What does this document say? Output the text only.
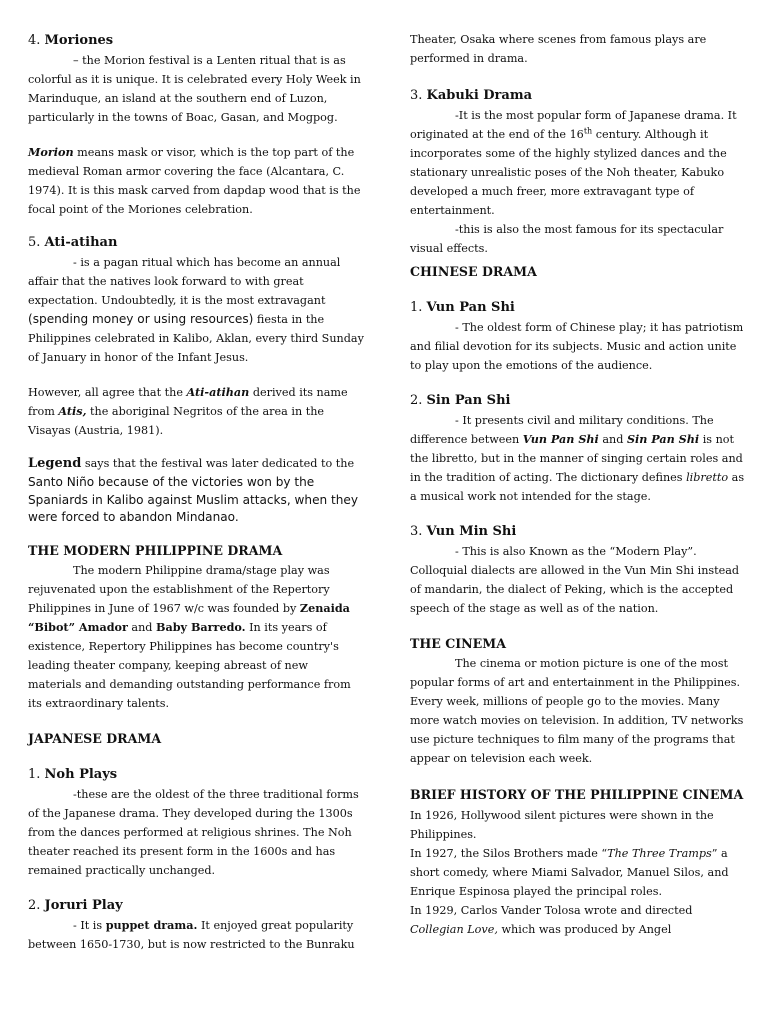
4. Moriones

– the Morion festival is a Lenten ritual that is as colorful as it is unique. It is celebrated every Holy Week in Marinduque, an island at the southern end of Luzon, particularly in the towns of Boac, Gasan, and Mogpog.

Morion means mask or visor, which is the top part of the medieval Roman armor covering the face (Alcantara, C. 1974). It is this mask carved from dapdap wood that is the focal point of the Moriones celebration.

5. Ati-atihan

- is a pagan ritual which has become an annual affair that the natives look forward to with great expectation. Undoubtedly, it is the most extravagant (spending money or using resources) fiesta in the Philippines celebrated in Kalibo, Aklan, every third Sunday of January in honor of the Infant Jesus.

However, all agree that the Ati-atihan derived its name from Atis, the aboriginal Negritos of the area in the Visayas (Austria, 1981).

Legend says that the festival was later dedicated to the Santo Niño because of the victories won by the Spaniards in Kalibo against Muslim attacks, when they were forced to abandon Mindanao.

THE MODERN PHILIPPINE DRAMA

The modern Philippine drama/stage play was rejuvenated upon the establishment of the Repertory Philippines in June of 1967 w/c was founded by Zenaida “Bibot” Amador and Baby Barredo. In its years of existence, Repertory Philippines has become country's leading theater company, keeping abreast of new materials and demanding outstanding performance from its extraordinary talents.

JAPANESE DRAMA

1. Noh Plays

-these are the oldest of the three traditional forms of the Japanese drama. They developed during the 1300s from the dances performed at religious shrines. The Noh theater reached its present form in the 1600s and has remained practically unchanged.

2. Joruri Play

- It is puppet drama. It enjoyed great popularity between 1650-1730, but is now restricted to the Bunraku

Theater, Osaka where scenes from famous plays are performed in drama.

3. Kabuki Drama

-It is the most popular form of Japanese drama. It originated at the end of the 16th century. Although it incorporates some of the highly stylized dances and the stationary unrealistic poses of the Noh theater, Kabuko developed a much freer, more extravagant type of entertainment.

-this is also the most famous for its spectacular visual effects.

CHINESE DRAMA

1. Vun Pan Shi

- The oldest form of Chinese play; it has patriotism and filial devotion for its subjects. Music and action unite to play upon the emotions of the audience.

2. Sin Pan Shi

- It presents civil and military conditions. The difference between Vun Pan Shi and Sin Pan Shi is not the libretto, but in the manner of singing certain roles and in the tradition of acting. The dictionary defines libretto as a musical work not intended for the stage.

3. Vun Min Shi

- This is also Known as the “Modern Play”. Colloquial dialects are allowed in the Vun Min Shi instead of mandarin, the dialect of Peking, which is the accepted speech of the stage as well as of the nation.

THE CINEMA

The cinema or motion picture is one of the most popular forms of art and entertainment in the Philippines. Every week, millions of people go to the movies. Many more watch movies on television. In addition, TV networks use picture techniques to film many of the programs that appear on television each week.

BRIEF HISTORY OF THE PHILIPPINE CINEMA

In 1926, Hollywood silent pictures were shown in the Philippines.

In 1927, the Silos Brothers made “The Three Tramps” a short comedy, where Miami Salvador, Manuel Silos, and Enrique Espinosa played the principal roles.

In 1929, Carlos Vander Tolosa wrote and directed Collegian Love, which was produced by Angel
